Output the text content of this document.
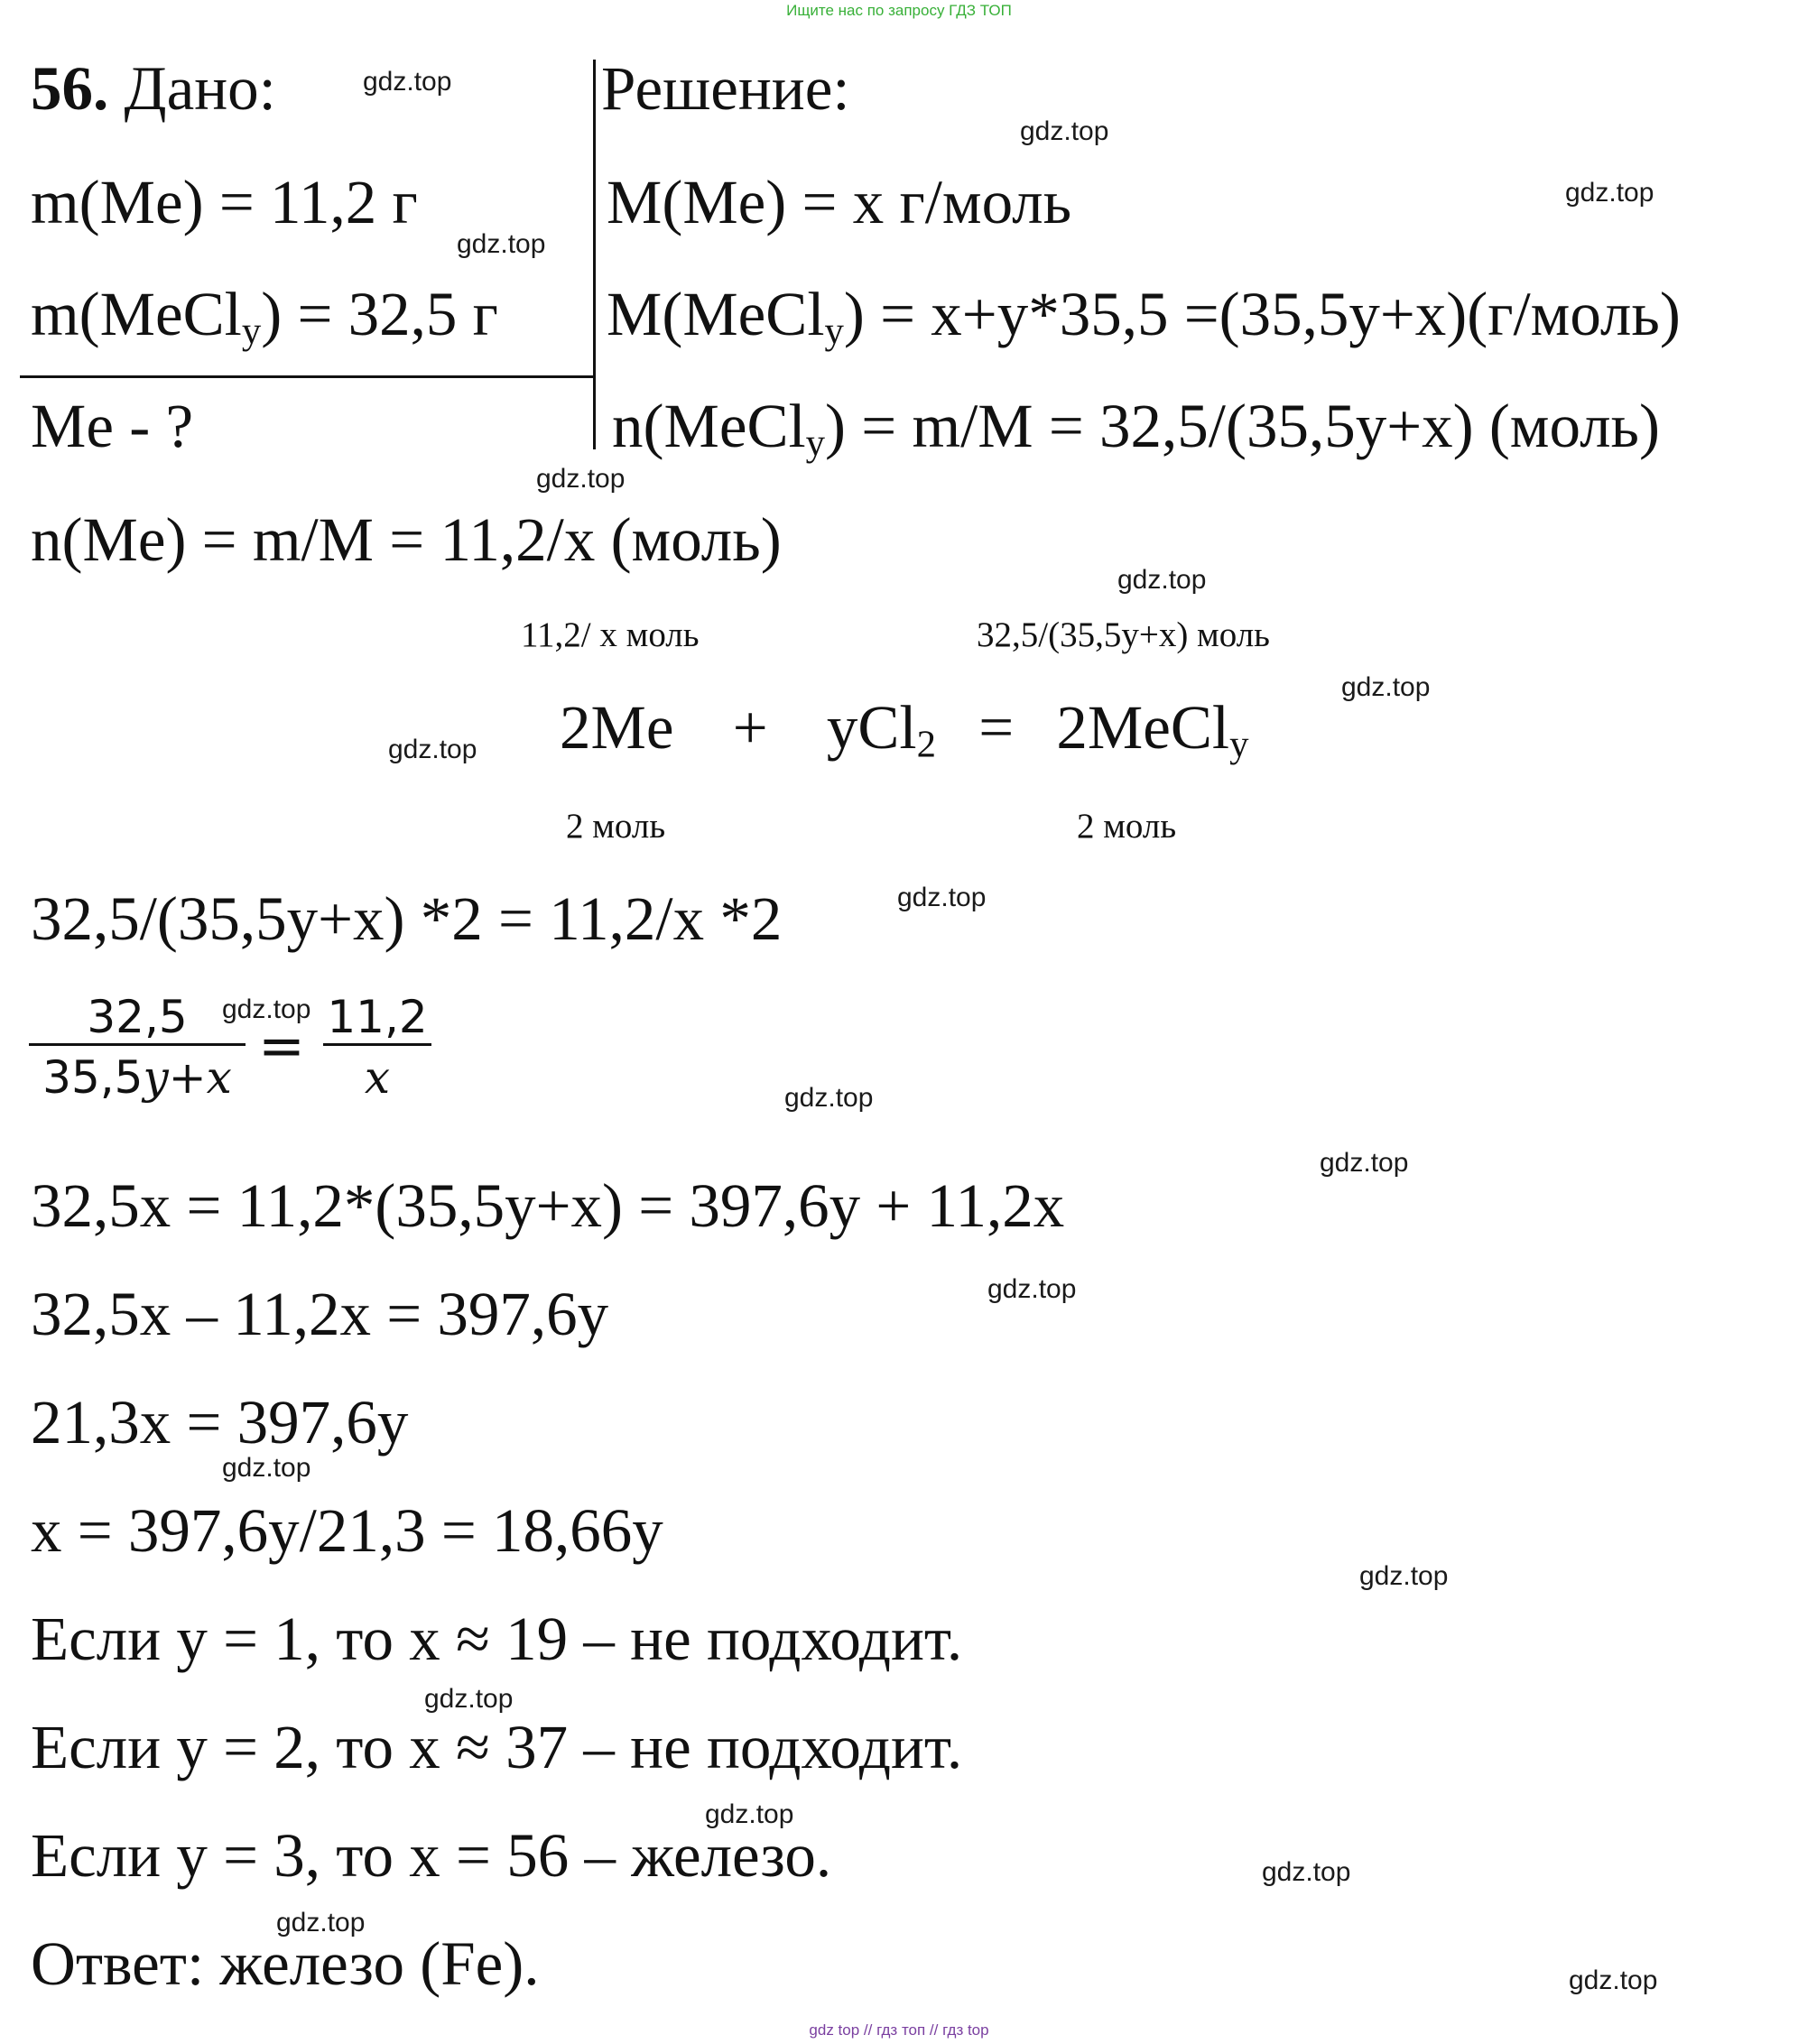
Ищите нас по запросу ГДЗ ТОП
56. Дано:	Решение:
m(Me) = 11,2 г	M(Me) = x г/моль
m(MeCl$_y$) = 32,5 г M(MeCl$_y$) = x+y*35,5 =(35,5y+x)(г/моль)
Me - ?	n(MeCl$_y$) = m/M = 32,5/(35,5y+x) (моль)
n(Me) = m/M = 11,2/x (моль)
11,2/ x моль	32,5/(35,5y+x) моль
2Me + yCl$_2$ = 2MeCl$_y$
2 моль	2 моль
32,5/(35,5y+x) *2 = 11,2/x *2
32,5
35,5y+x = 11,2
x
32,5x = 11,2*(35,5y+x) = 397,6y + 11,2x
32,5x – 11,2x = 397,6y
21,3x = 397,6y
x = 397,6y/21,3 = 18,66y
Если y = 1, то x ≈ 19 – не подходит.
Если y = 2, то x ≈ 37 – не подходит.
Если y = 3, то x = 56 – железо.
Ответ: железо (Fe).
gdz.top
gdz.top
gdz.top
gdz.top
gdz.top
gdz.top
gdz.top
gdz.top
gdz.top
gdz.top
gdz.top
gdz.top
gdz.top
gdz.top
gdz.top
gdz.top
gdz.top
gdz.top
gdz.top
gdz.top
gdz top // гдз топ // гдз top
